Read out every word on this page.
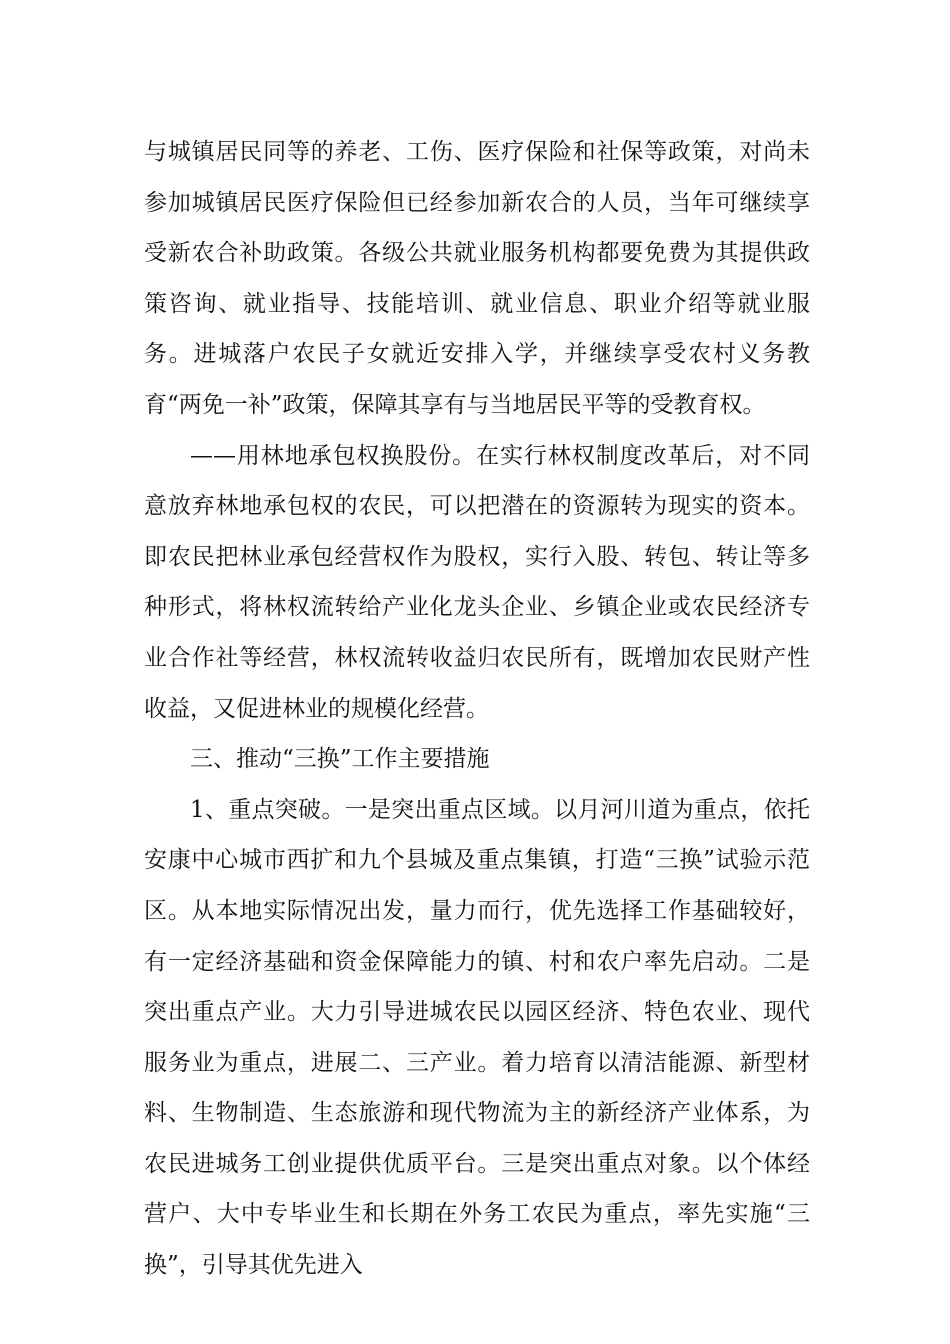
与城镇居民同等的养老、工伤、医疗保险和社保等政策，对尚未参加城镇居民医疗保险但已经参加新农合的人员，当年可继续享受新农合补助政策。各级公共就业服务机构都要免费为其提供政策咨询、就业指导、技能培训、就业信息、职业介绍等就业服务。进城落户农民子女就近安排入学，并继续享受农村义务教育“两免一补”政策，保障其享有与当地居民平等的受教育权。

——用林地承包权换股份。在实行林权制度改革后，对不同意放弃林地承包权的农民，可以把潜在的资源转为现实的资本。即农民把林业承包经营权作为股权，实行入股、转包、转让等多种形式，将林权流转给产业化龙头企业、乡镇企业或农民经济专业合作社等经营，林权流转收益归农民所有，既增加农民财产性收益，又促进林业的规模化经营。

三、推动“三换”工作主要措施

1、重点突破。一是突出重点区域。以月河川道为重点，依托安康中心城市西扩和九个县城及重点集镇，打造“三换”试验示范区。从本地实际情况出发，量力而行，优先选择工作基础较好，有一定经济基础和资金保障能力的镇、村和农户率先启动。二是突出重点产业。大力引导进城农民以园区经济、特色农业、现代服务业为重点，进展二、三产业。着力培育以清洁能源、新型材料、生物制造、生态旅游和现代物流为主的新经济产业体系，为农民进城务工创业提供优质平台。三是突出重点对象。以个体经营户、大中专毕业生和长期在外务工农民为重点，率先实施“三换”，引导其优先进入
